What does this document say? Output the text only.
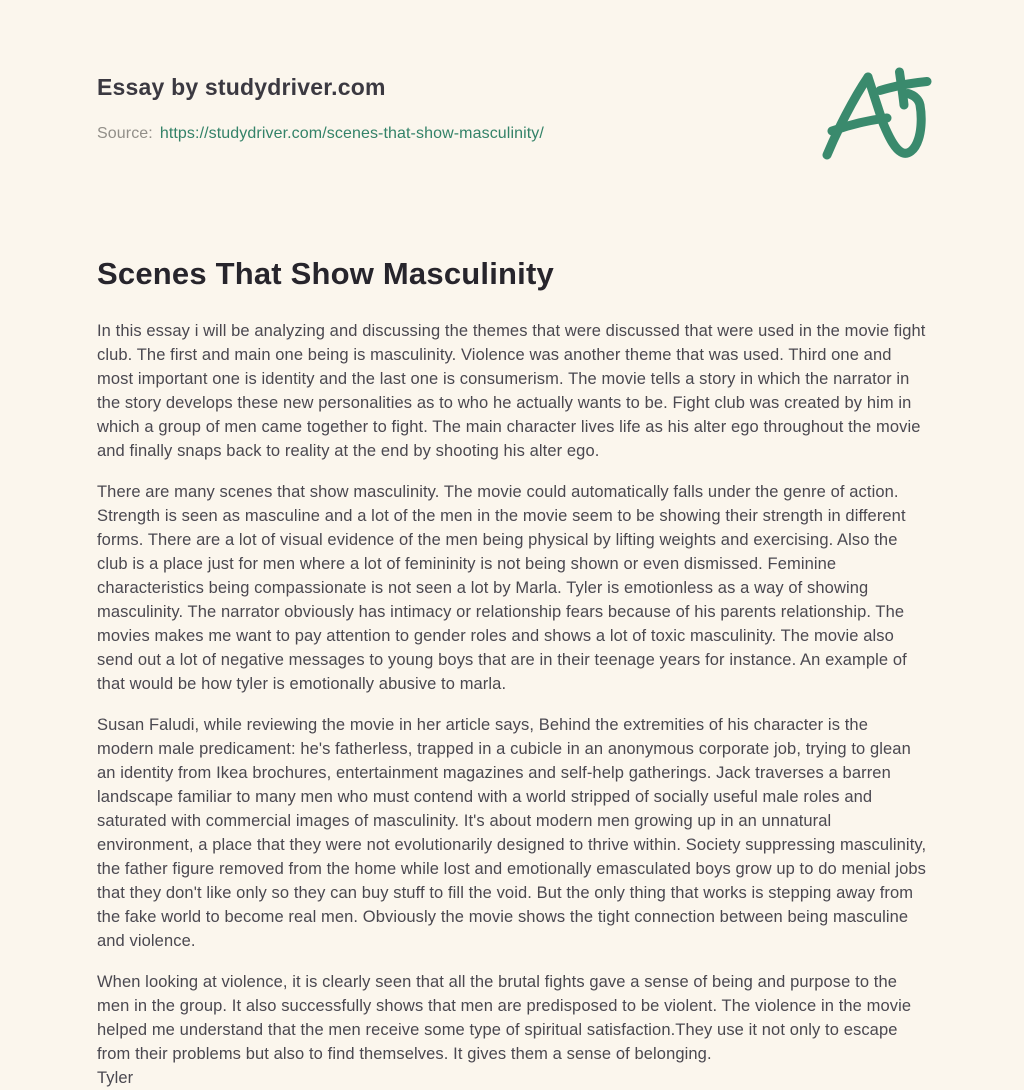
Essay by studydriver.com
Source: https://studydriver.com/scenes-that-show-masculinity/
Scenes That Show Masculinity

In this essay i will be analyzing and discussing the themes that were discussed that were used in the movie fight club. The first and main one being is masculinity. Violence was another theme that was used. Third one and most important one is identity and the last one is consumerism. The movie tells a story in which the narrator in the story develops these new personalities as to who he actually wants to be. Fight club was created by him in which a group of men came together to fight. The main character lives life as his alter ego throughout the movie and finally snaps back to reality at the end by shooting his alter ego.

There are many scenes that show masculinity. The movie could automatically falls under the genre of action. Strength is seen as masculine and a lot of the men in the movie seem to be showing their strength in different forms. There are a lot of visual evidence of the men being physical by lifting weights and exercising. Also the club is a place just for men where a lot of femininity is not being shown or even dismissed. Feminine characteristics being compassionate is not seen a lot by Marla. Tyler is emotionless as a way of showing masculinity. The narrator obviously has intimacy or relationship fears because of his parents relationship. The movies makes me want to pay attention to gender roles and shows a lot of toxic masculinity. The movie also send out a lot of negative messages to young boys that are in their teenage years for instance. An example of that would be how tyler is emotionally abusive to marla.

Susan Faludi, while reviewing the movie in her article says, Behind the extremities of his character is the modern male predicament: he's fatherless, trapped in a cubicle in an anonymous corporate job, trying to glean an identity from Ikea brochures, entertainment magazines and self-help gatherings. Jack traverses a barren landscape familiar to many men who must contend with a world stripped of socially useful male roles and saturated with commercial images of masculinity. It's about modern men growing up in an unnatural environment, a place that they were not evolutionarily designed to thrive within. Society suppressing masculinity, the father figure removed from the home while lost and emotionally emasculated boys grow up to do menial jobs that they don't like only so they can buy stuff to fill the void. But the only thing that works is stepping away from the fake world to become real men. Obviously the movie shows the tight connection between being masculine and violence.

When looking at violence, it is clearly seen that all the brutal fights gave a sense of being and purpose to the men in the group. It also successfully shows that men are predisposed to be violent. The violence in the movie helped me understand that the men receive some type of spiritual satisfaction.They use it not only to escape from their problems but also to find themselves. It gives them a sense of belonging.
Tyler
